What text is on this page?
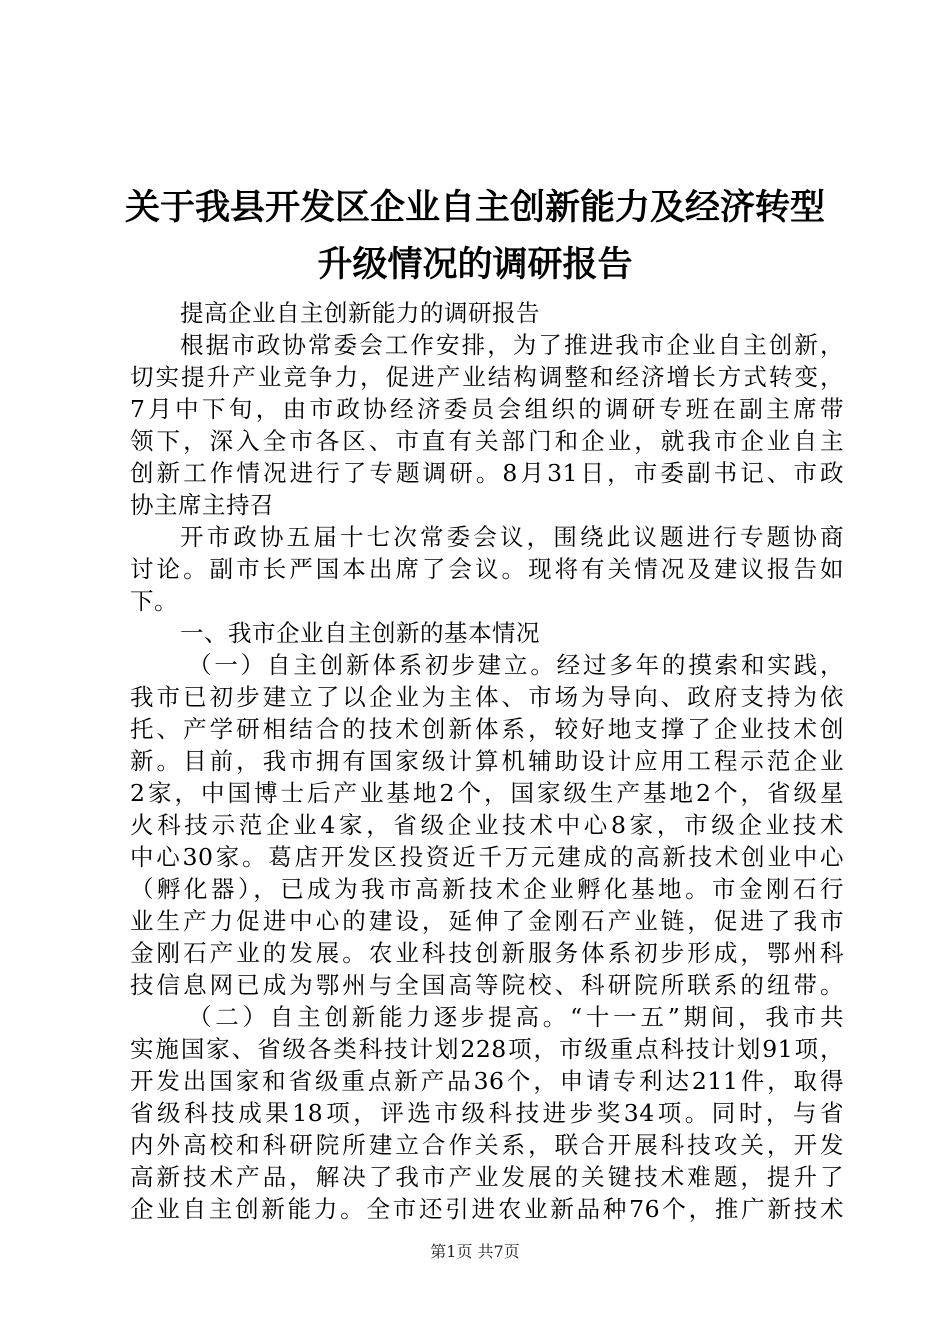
关于我县开发区企业自主创新能力及经济转型
升级情况的调研报告
提高企业自主创新能力的调研报告
根据市政协常委会工作安排，为了推进我市企业自主创新，
切实提升产业竞争力，促进产业结构调整和经济增长方式转变，
7月中下旬，由市政协经济委员会组织的调研专班在副主席带
领下，深入全市各区、市直有关部门和企业，就我市企业自主
创新工作情况进行了专题调研。8月31日，市委副书记、市政
协主席主持召
开市政协五届十七次常委会议，围绕此议题进行专题协商
讨论。副市长严国本出席了会议。现将有关情况及建议报告如
下。
一、我市企业自主创新的基本情况
（一）自主创新体系初步建立。经过多年的摸索和实践，
我市已初步建立了以企业为主体、市场为导向、政府支持为依
托、产学研相结合的技术创新体系，较好地支撑了企业技术创
新。目前，我市拥有国家级计算机辅助设计应用工程示范企业
2家，中国博士后产业基地2个，国家级生产基地2个，省级星
火科技示范企业4家，省级企业技术中心8家，市级企业技术
中心30家。葛店开发区投资近千万元建成的高新技术创业中心
（孵化器），已成为我市高新技术企业孵化基地。市金刚石行
业生产力促进中心的建设，延伸了金刚石产业链，促进了我市
金刚石产业的发展。农业科技创新服务体系初步形成，鄂州科
技信息网已成为鄂州与全国高等院校、科研院所联系的纽带。
（二）自主创新能力逐步提高。“十一五”期间，我市共
实施国家、省级各类科技计划228项，市级重点科技计划91项，
开发出国家和省级重点新产品36个，申请专利达211件，取得
省级科技成果18项，评选市级科技进步奖34项。同时，与省
内外高校和科研院所建立合作关系，联合开展科技攻关，开发
高新技术产品，解决了我市产业发展的关键技术难题，提升了
企业自主创新能力。全市还引进农业新品种76个，推广新技术
第1页 共7页
